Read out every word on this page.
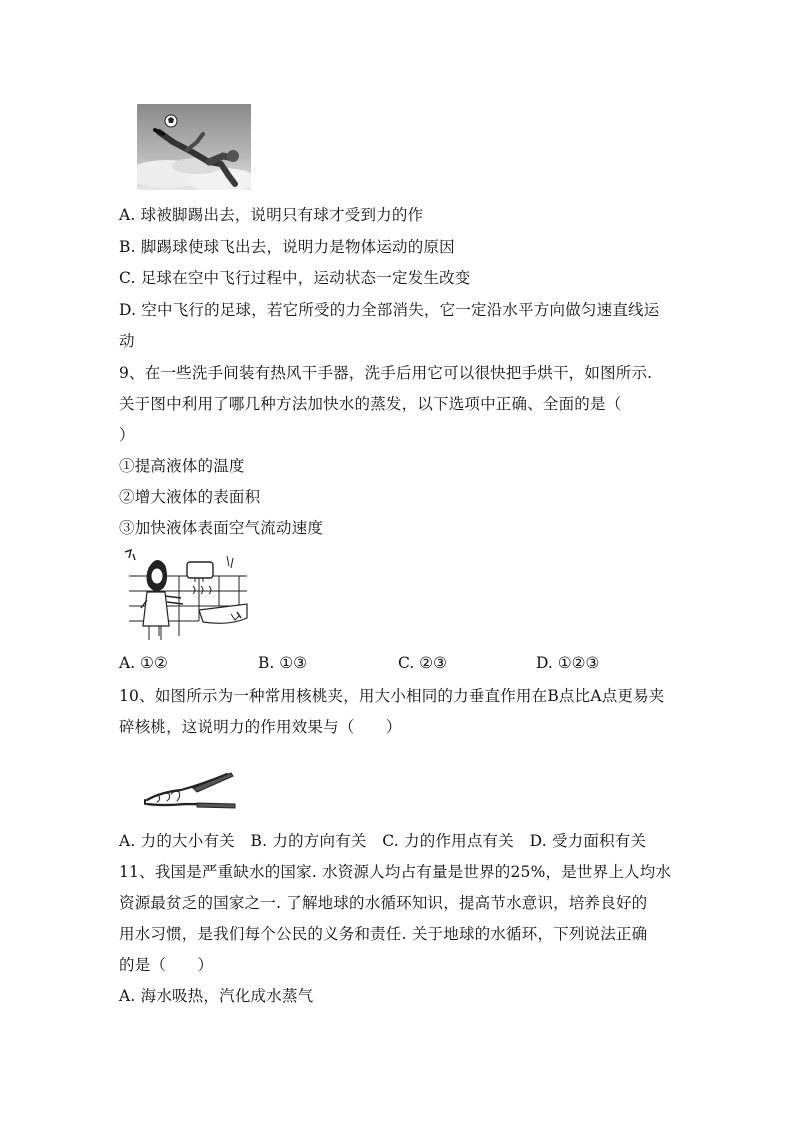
A. 球被脚踢出去，说明只有球才受到力的作
B. 脚踢球使球飞出去，说明力是物体运动的原因
C. 足球在空中飞行过程中，运动状态一定发生改变
D. 空中飞行的足球，若它所受的力全部消失，它一定沿水平方向做匀速直线运
动
9、在一些洗手间装有热风干手器，洗手后用它可以很快把手烘干，如图所示.
关于图中利用了哪几种方法加快水的蒸发，以下选项中正确、全面的是（
）
①提高液体的温度
②增大液体的表面积
③加快液体表面空气流动速度
A. ①②	B. ①③	C. ②③	D. ①②③
10、如图所示为一种常用核桃夹，用大小相同的力垂直作用在B点比A点更易夹
碎核桃，这说明力的作用效果与（　　）
A. 力的大小有关　B. 力的方向有关　C. 力的作用点有关　D. 受力面积有关
11、我国是严重缺水的国家. 水资源人均占有量是世界的25%，是世界上人均水
资源最贫乏的国家之一. 了解地球的水循环知识，提高节水意识，培养良好的
用水习惯，是我们每个公民的义务和责任. 关于地球的水循环，下列说法正确
的是（　　）
A. 海水吸热，汽化成水蒸气
